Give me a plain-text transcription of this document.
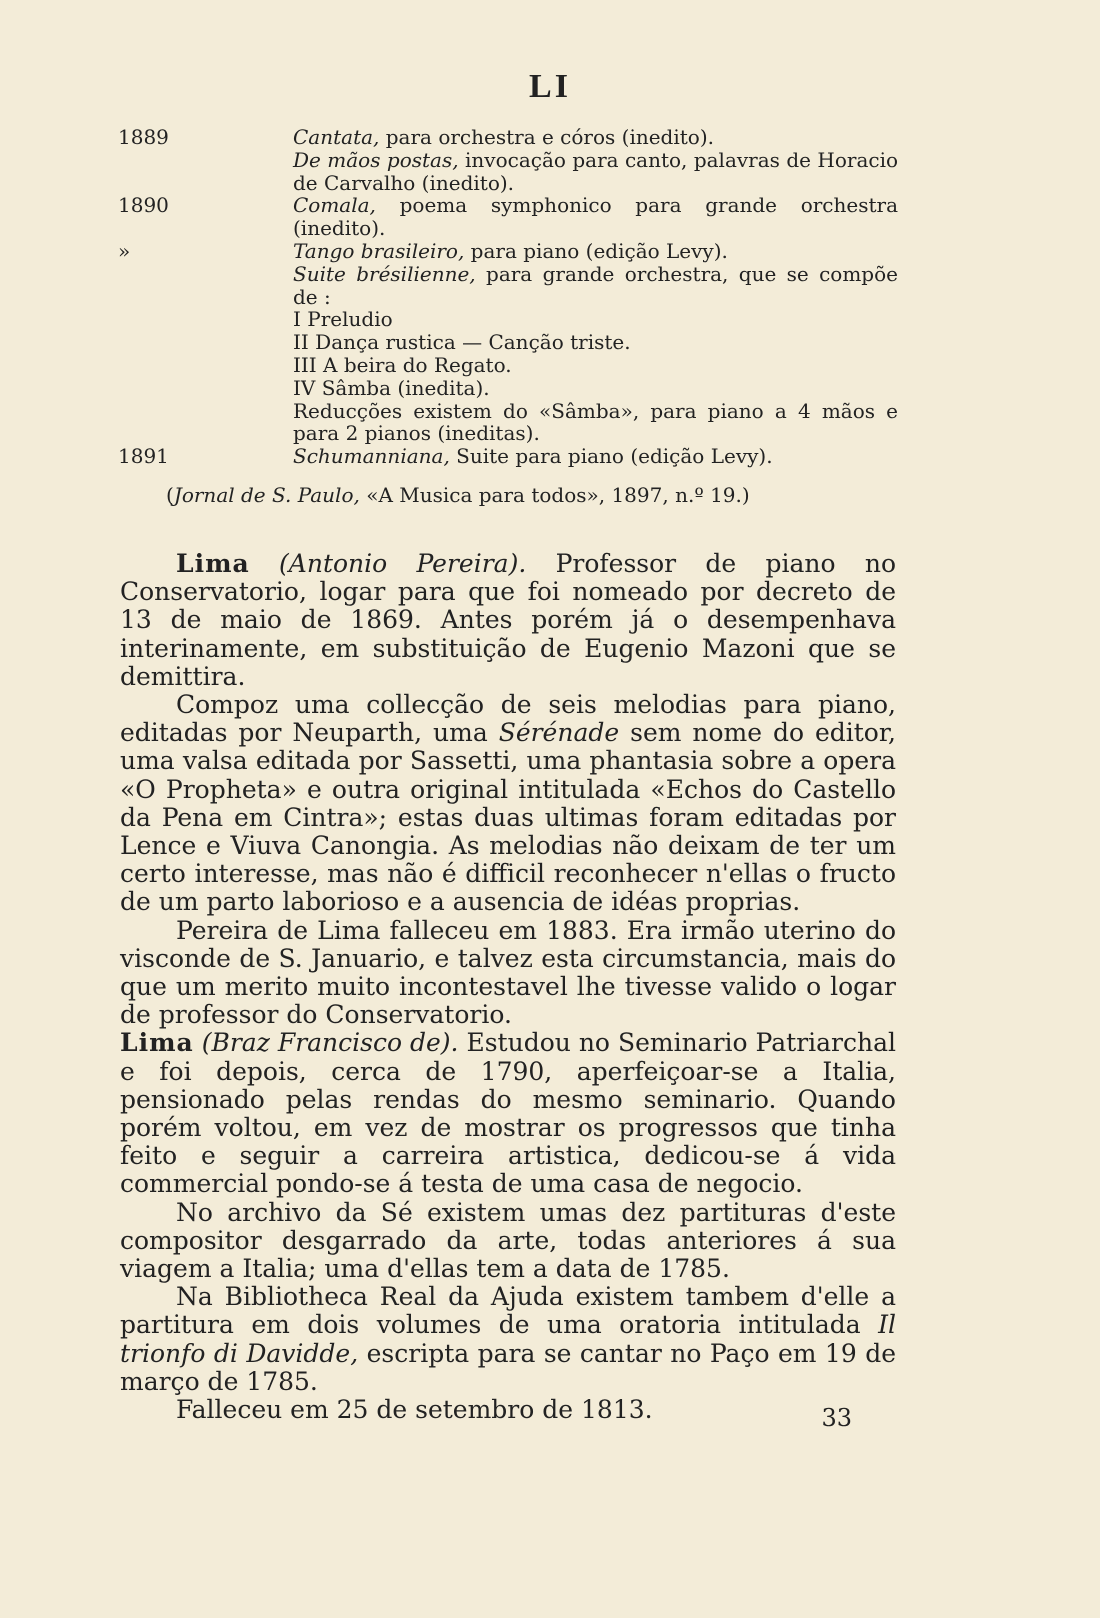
LI
1889	Cantata, para orchestra e córos (inedito).
De mãos postas, invocação para canto, palavras de Horacio de Carvalho (inedito).
1890	Comala, poema symphonico para grande orchestra (inedito).
»	Tango brasileiro, para piano (edição Levy).
Suite brésilienne, para grande orchestra, que se compõe de :
I Preludio
II Dança rustica — Canção triste.
III A beira do Regato.
IV Sâmba (inedita).
Reducções existem do «Sâmba», para piano a 4 mãos e para 2 pianos (ineditas).
1891	Schumanniana, Suite para piano (edição Levy).
(Jornal de S. Paulo, «A Musica para todos», 1897, n.º 19.)

Lima (Antonio Pereira). Professor de piano no Conservatorio, logar para que foi nomeado por decreto de 13 de maio de 1869. Antes porém já o desempenhava interinamente, em substituição de Eugenio Mazoni que se demittira.

Compoz uma collecção de seis melodias para piano, editadas por Neuparth, uma Sérénade sem nome do editor, uma valsa editada por Sassetti, uma phantasia sobre a opera «O Propheta» e outra original intitulada «Echos do Castello da Pena em Cintra»; estas duas ultimas foram editadas por Lence e Viuva Canongia. As melodias não deixam de ter um certo interesse, mas não é difficil reconhecer n'ellas o fructo de um parto laborioso e a ausencia de idéas proprias.

Pereira de Lima falleceu em 1883. Era irmão uterino do visconde de S. Januario, e talvez esta circumstancia, mais do que um merito muito incontestavel lhe tivesse valido o logar de professor do Conservatorio.

Lima (Braz Francisco de). Estudou no Seminario Patriarchal e foi depois, cerca de 1790, aperfeiçoar-se a Italia, pensionado pelas rendas do mesmo seminario. Quando porém voltou, em vez de mostrar os progressos que tinha feito e seguir a carreira artistica, dedicou-se á vida commercial pondo-se á testa de uma casa de negocio.

No archivo da Sé existem umas dez partituras d'este compositor desgarrado da arte, todas anteriores á sua viagem a Italia; uma d'ellas tem a data de 1785.

Na Bibliotheca Real da Ajuda existem tambem d'elle a partitura em dois volumes de uma oratoria intitulada Il trionfo di Davidde, escripta para se cantar no Paço em 19 de março de 1785.

Falleceu em 25 de setembro de 1813.	33
